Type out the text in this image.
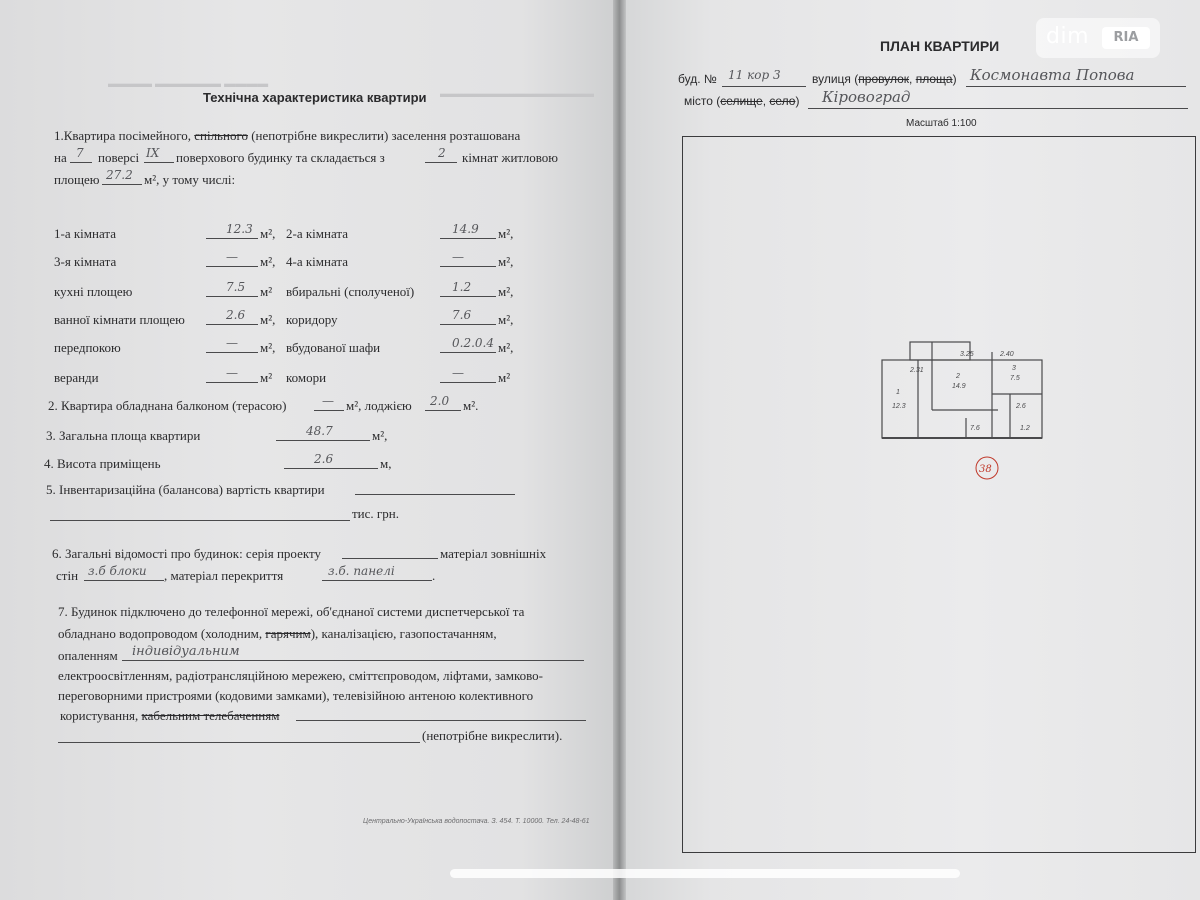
▬▬▬▬ ▬▬▬▬▬▬ ▬▬▬▬
▬▬▬▬▬▬▬▬▬▬▬▬▬▬
Технічна характеристика квартири
1.Квартира посімейного, спільного (непотрібне викреслити) заселення розташована
на 7 поверсі IX поверхового будинку та складається з	2 кімнат житловою
площею 27.2 м², у тому числі:
1-а кімната	12.3 м², 2-а кімната	14.9 м²,
3-я кімната	— м², 4-а кімната	—	м²,
кухні площею	7.5 м² вбиральні (сполученої)	1.2 м²,
ванної кімнати площею	2.6 м², коридору	7.6 м²,
передпокою	— м², вбудованої шафи	0.2.0.4 м²,
веранди	— м² комори	—	м²
2. Квартира обладнана балконом (терасою)	— м², лоджією 2.0 м².
3. Загальна площа квартири	48.7	м²,
4. Висота приміщень	2.6	м,
5. Інвентаризаційна (балансова) вартість квартири
тис. грн.
6. Загальні відомості про будинок: серія проекту	матеріал зовнішніх
стін з.б блоки , матеріал перекриття	з.б. панелі	.
7. Будинок підключено до телефонної мережі, об'єднаної системи диспетчерської та
обладнано водопроводом (холодним, гарячим), каналізацією, газопостачанням,
опаленням індивідуальним
електроосвітленням, радіотрансляційною мережею, сміттєпроводом, ліфтами, замково-
переговорними пристроями (кодовими замками), телевізійною антеною колективного
користування, кабельним телебаченням
(непотрібне викреслити).
Центрально-Українська водопостача. З. 454. Т. 10000. Тел. 24-48-61
ПЛАН КВАРТИРИ
буд. № 11 кор 3	вулиця (провулок, площа) Космонавта Попова
місто (селище, село) Кіровоград
Масштаб 1:100
3.25	2.40
2.31
1
12.3
2
14.9
3
7.5
2.6
1.2
7.6
38
dim	RIA
